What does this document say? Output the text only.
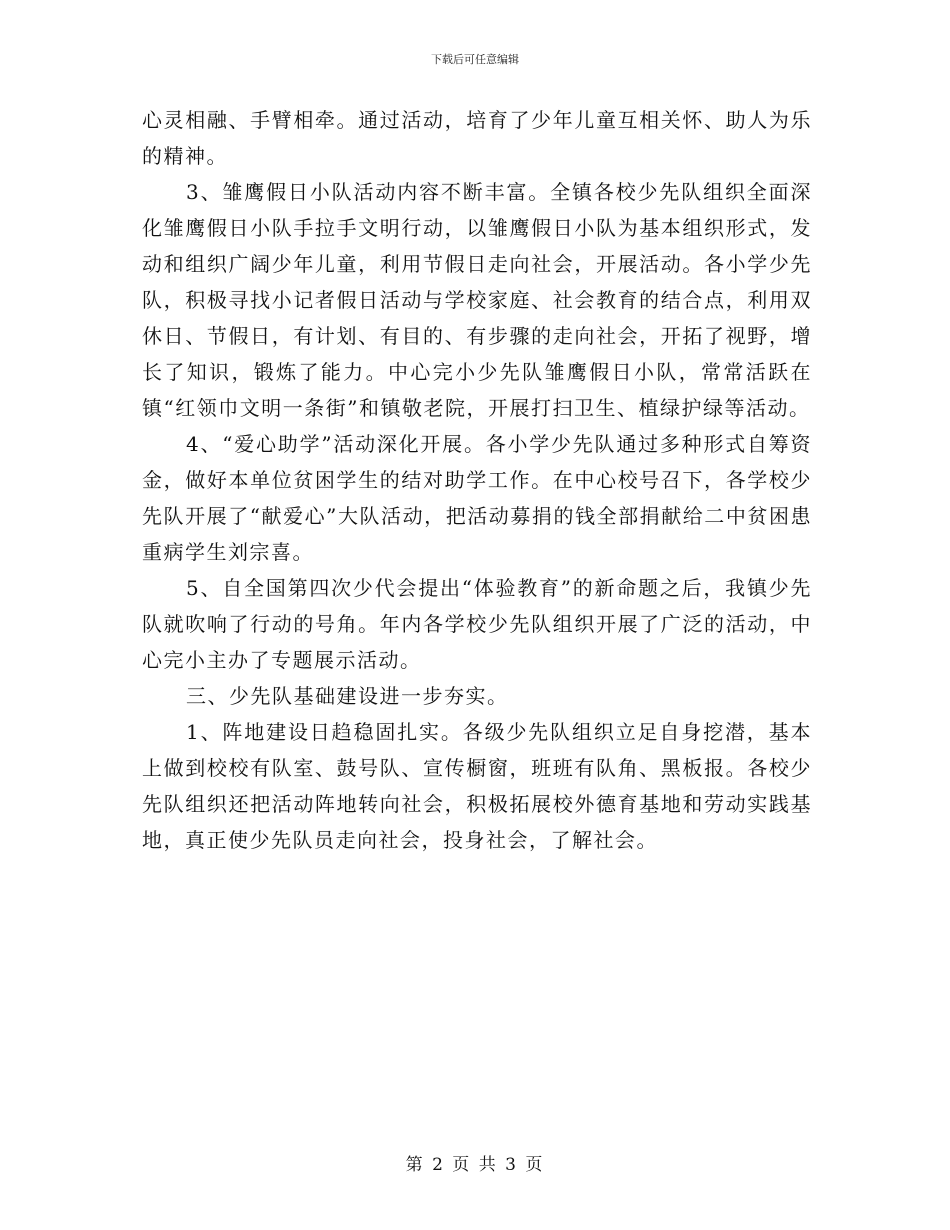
下载后可任意编辑

心灵相融、手臂相牵。通过活动，培育了少年儿童互相关怀、助人为乐的精神。

3、雏鹰假日小队活动内容不断丰富。全镇各校少先队组织全面深化雏鹰假日小队手拉手文明行动，以雏鹰假日小队为基本组织形式，发动和组织广阔少年儿童，利用节假日走向社会，开展活动。各小学少先队，积极寻找小记者假日活动与学校家庭、社会教育的结合点，利用双休日、节假日，有计划、有目的、有步骤的走向社会，开拓了视野，增长了知识，锻炼了能力。中心完小少先队雏鹰假日小队，常常活跃在镇“红领巾文明一条街”和镇敬老院，开展打扫卫生、植绿护绿等活动。

4、“爱心助学”活动深化开展。各小学少先队通过多种形式自筹资金，做好本单位贫困学生的结对助学工作。在中心校号召下，各学校少先队开展了“献爱心”大队活动，把活动募捐的钱全部捐献给二中贫困患重病学生刘宗喜。

5、自全国第四次少代会提出“体验教育”的新命题之后，我镇少先队就吹响了行动的号角。年内各学校少先队组织开展了广泛的活动，中心完小主办了专题展示活动。

三、少先队基础建设进一步夯实。

1、阵地建设日趋稳固扎实。各级少先队组织立足自身挖潜，基本上做到校校有队室、鼓号队、宣传橱窗，班班有队角、黑板报。各校少先队组织还把活动阵地转向社会，积极拓展校外德育基地和劳动实践基地，真正使少先队员走向社会，投身社会，了解社会。

第 2 页 共 3 页
